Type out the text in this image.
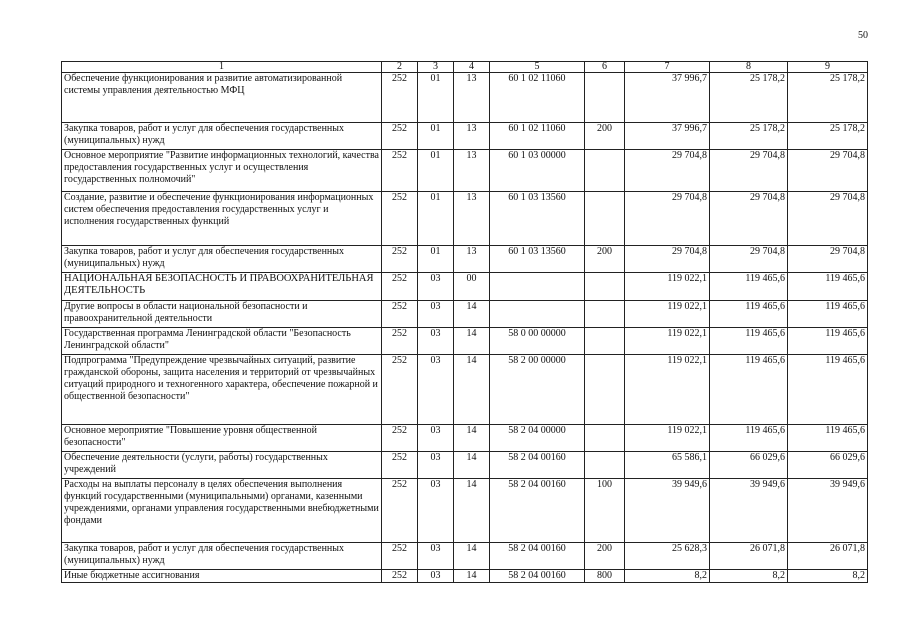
50
1	2	3	4	5	6	7	8	9
Обеспечение функционирования и развитие автоматизированной системы управления деятельностью МФЦ	252	01	13	60 1 02 11060		37 996,7	25 178,2	25 178,2
Закупка товаров, работ и услуг для обеспечения государственных (муниципальных) нужд	252	01	13	60 1 02 11060	200	37 996,7	25 178,2	25 178,2
Основное мероприятие "Развитие информационных технологий, качества предоставления государственных услуг и осуществления государственных полномочий"	252	01	13	60 1 03 00000		29 704,8	29 704,8	29 704,8
Создание, развитие и обеспечение функционирования информационных систем обеспечения предоставления государственных услуг и исполнения государственных функций	252	01	13	60 1 03 13560		29 704,8	29 704,8	29 704,8
Закупка товаров, работ и услуг для обеспечения государственных (муниципальных) нужд	252	01	13	60 1 03 13560	200	29 704,8	29 704,8	29 704,8
НАЦИОНАЛЬНАЯ БЕЗОПАСНОСТЬ И ПРАВООХРАНИТЕЛЬНАЯ ДЕЯТЕЛЬНОСТЬ	252	03	00			119 022,1	119 465,6	119 465,6
Другие вопросы в области национальной безопасности и правоохранительной деятельности	252	03	14			119 022,1	119 465,6	119 465,6
Государственная программа Ленинградской области "Безопасность Ленинградской области"	252	03	14	58 0 00 00000		119 022,1	119 465,6	119 465,6
Подпрограмма "Предупреждение чрезвычайных ситуаций, развитие гражданской обороны, защита населения и территорий от чрезвычайных ситуаций природного и техногенного характера, обеспечение пожарной и общественной безопасности"	252	03	14	58 2 00 00000		119 022,1	119 465,6	119 465,6
Основное мероприятие "Повышение уровня общественной безопасности"	252	03	14	58 2 04 00000		119 022,1	119 465,6	119 465,6
Обеспечение деятельности (услуги, работы) государственных учреждений	252	03	14	58 2 04 00160		65 586,1	66 029,6	66 029,6
Расходы на выплаты персоналу в целях обеспечения выполнения функций государственными (муниципальными) органами, казенными учреждениями, органами управления государственными внебюджетными фондами	252	03	14	58 2 04 00160	100	39 949,6	39 949,6	39 949,6
Закупка товаров, работ и услуг для обеспечения государственных (муниципальных) нужд	252	03	14	58 2 04 00160	200	25 628,3	26 071,8	26 071,8
Иные бюджетные ассигнования	252	03	14	58 2 04 00160	800	8,2	8,2	8,2
